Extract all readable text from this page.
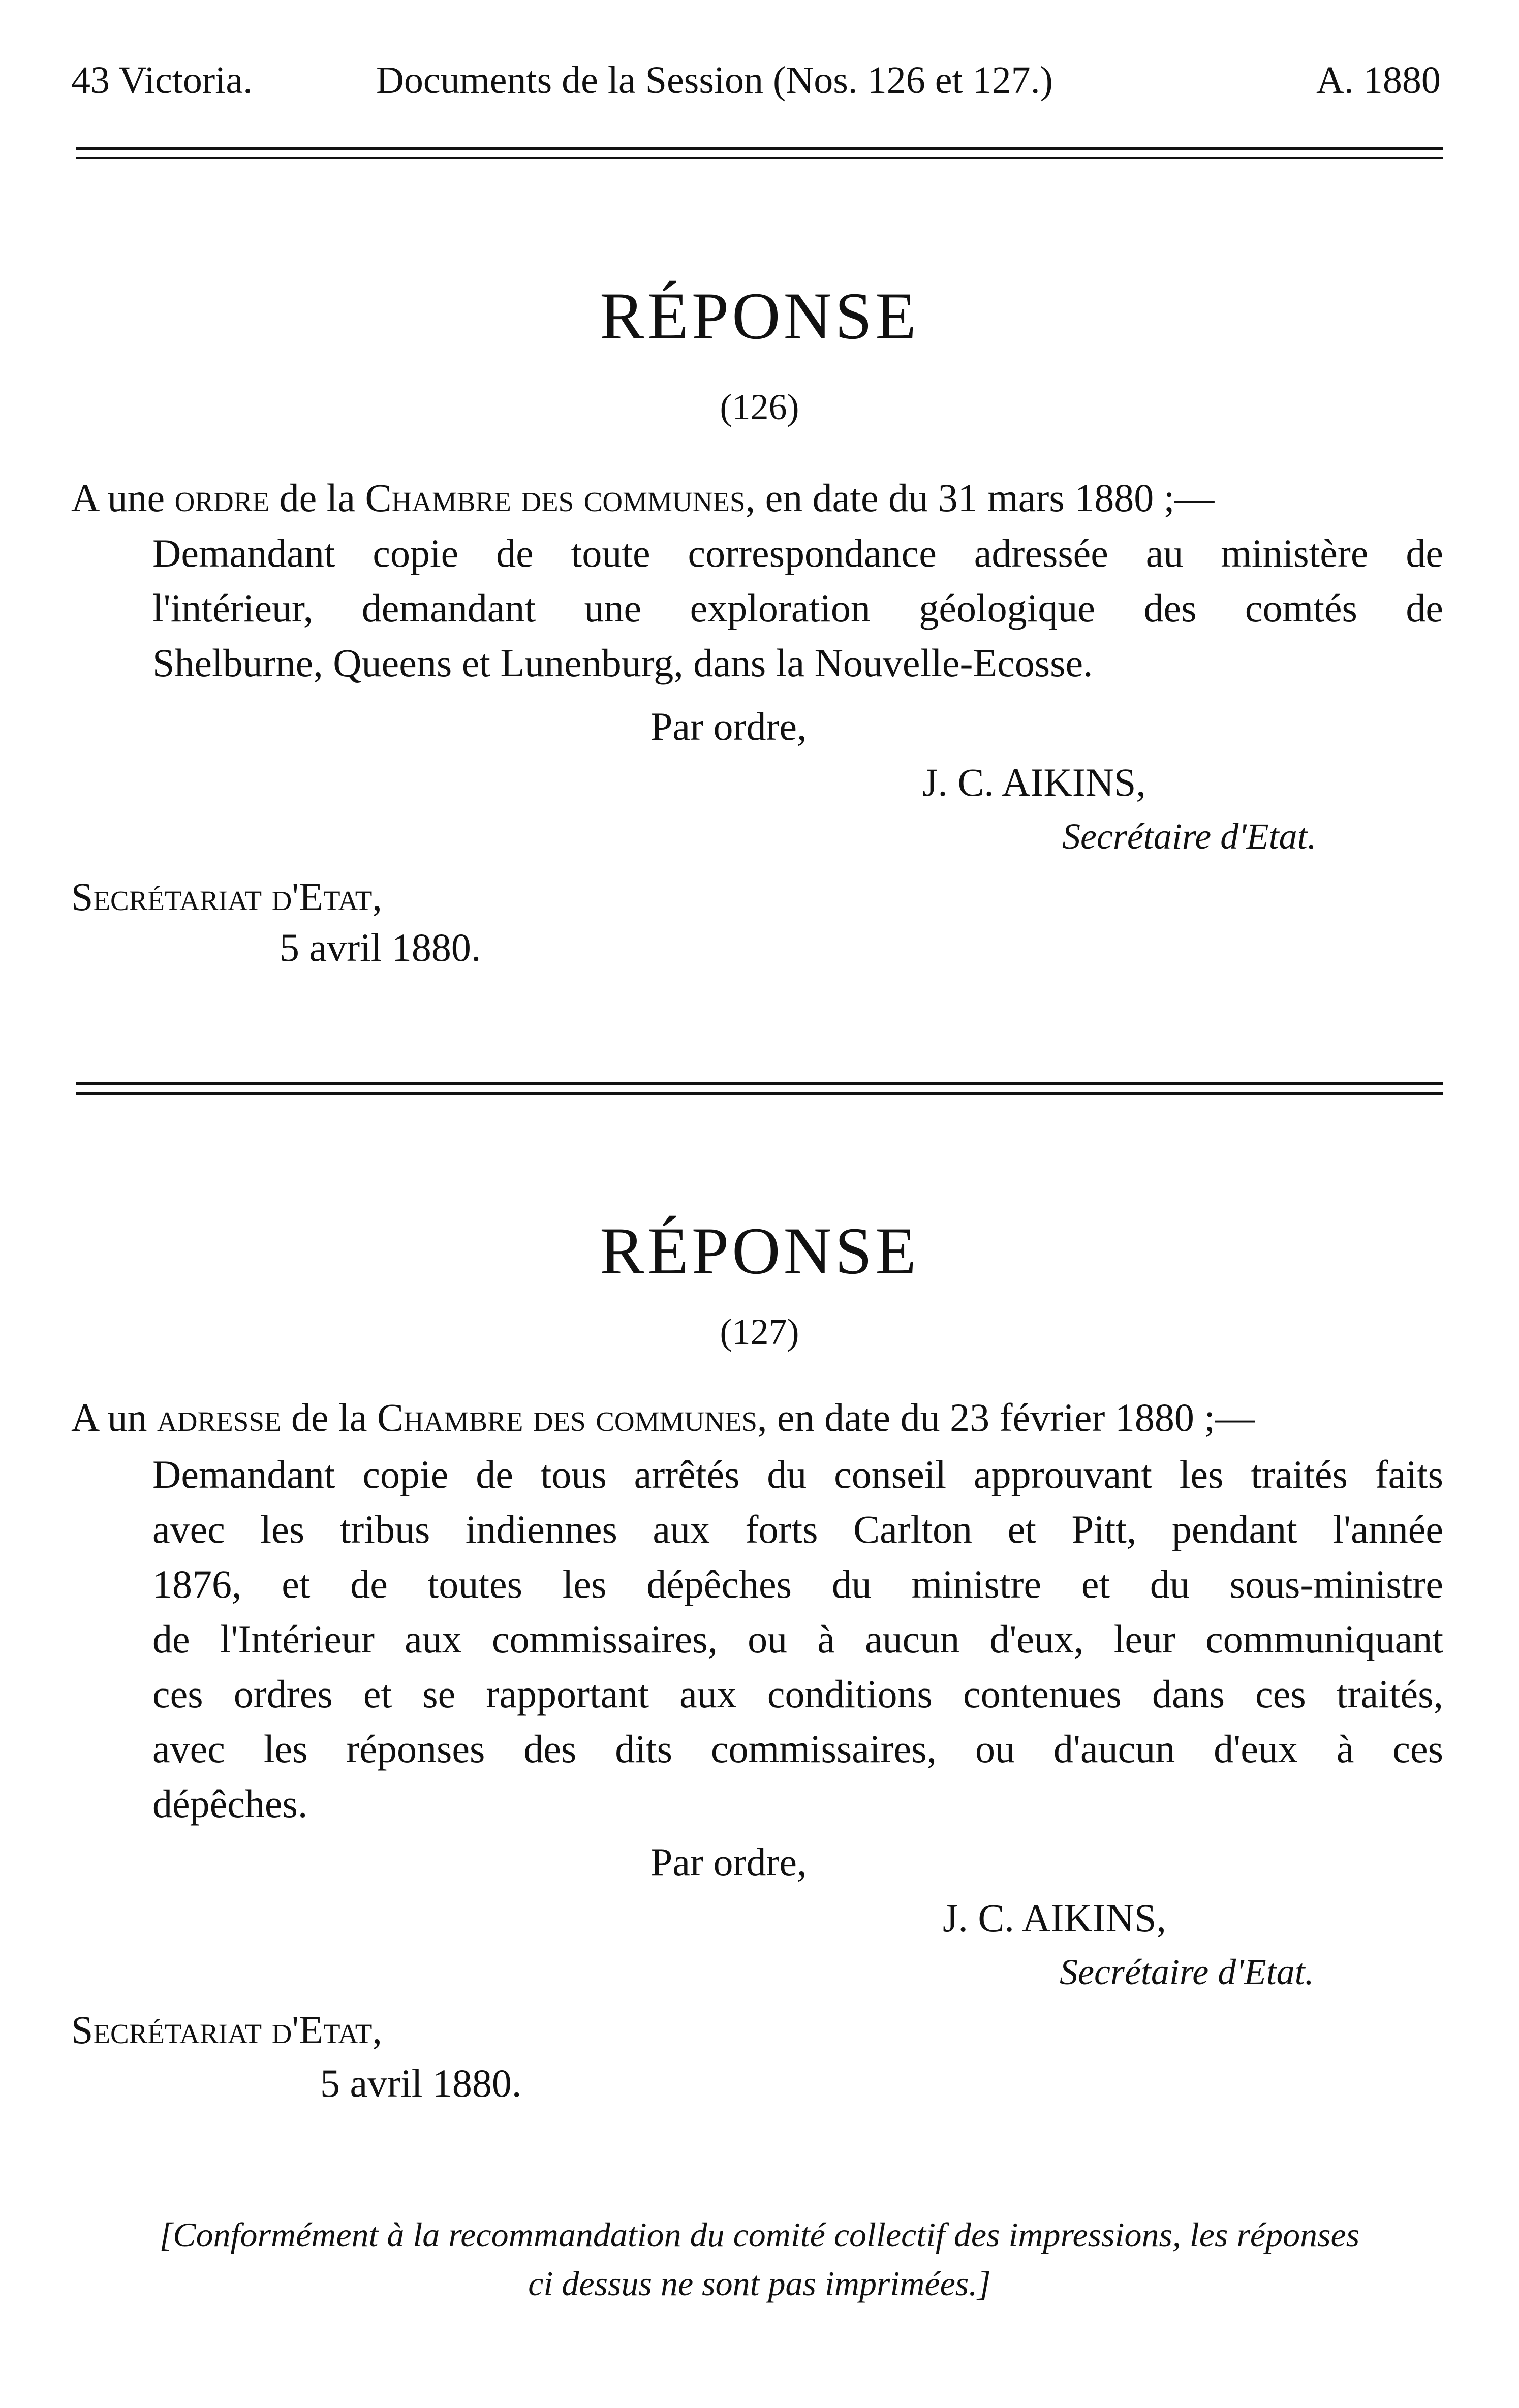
43 Victoria.	Documents de la Session (Nos. 126 et 127.)	A. 1880
RÉPONSE
(126)
A une ordre de la Chambre des communes, en date du 31 mars 1880 ;—
Demandant copie de toute correspondance adressée au ministère de
l'intérieur, demandant une exploration géologique des comtés de
Shelburne, Queens et Lunenburg, dans la Nouvelle-Ecosse.
Par ordre,
J. C. AIKINS,
Secrétaire d'Etat.
Secrétariat d'Etat,
5 avril 1880.
RÉPONSE
(127)
A un adresse de la Chambre des communes, en date du 23 février 1880 ;—
Demandant copie de tous arrêtés du conseil approuvant les traités faits
avec les tribus indiennes aux forts Carlton et Pitt, pendant l'année
1876, et de toutes les dépêches du ministre et du sous-ministre
de l'Intérieur aux commissaires, ou à aucun d'eux, leur communiquant
ces ordres et se rapportant aux conditions contenues dans ces traités,
avec les réponses des dits commissaires, ou d'aucun d'eux à ces
dépêches.
Par ordre,
J. C. AIKINS,
Secrétaire d'Etat.
Secrétariat d'Etat,
5 avril 1880.
[Conformément à la recommandation du comité collectif des impressions, les réponses
ci dessus ne sont pas imprimées.]
